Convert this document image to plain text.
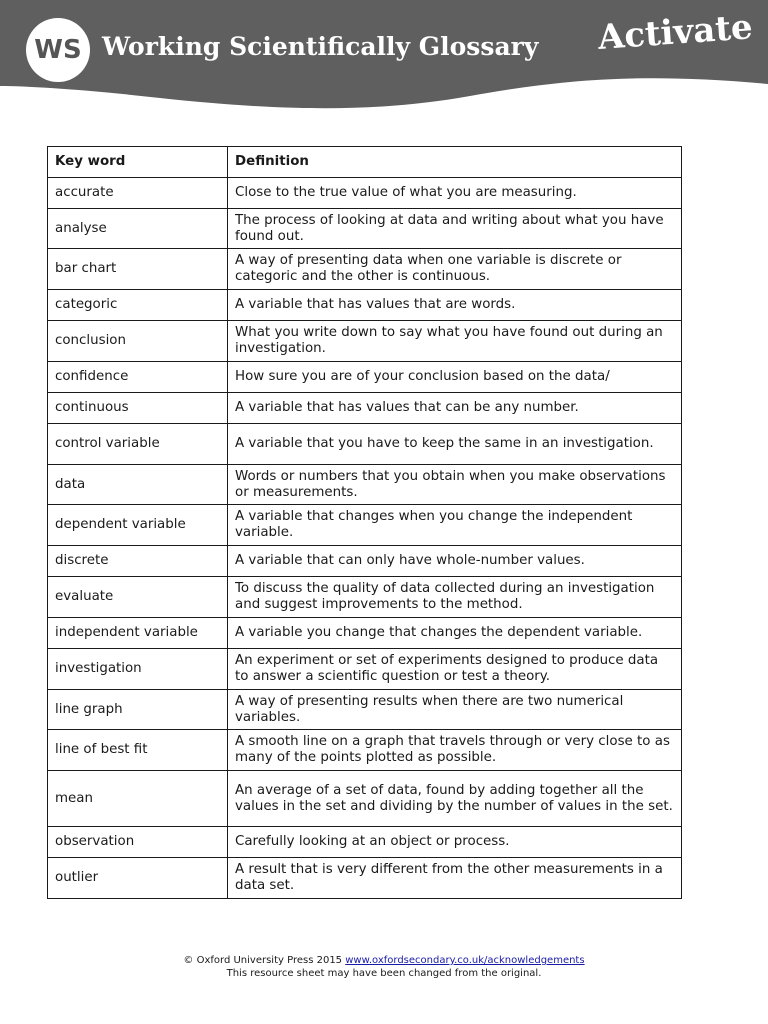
WS Working Scientifically Glossary Activate
Key word	Definition
accurate	Close to the true value of what you are measuring.
analyse	The process of looking at data and writing about what you have found out.
bar chart	A way of presenting data when one variable is discrete or categoric and the other is continuous.
categoric	A variable that has values that are words.
conclusion	What you write down to say what you have found out during an investigation.
confidence	How sure you are of your conclusion based on the data/
continuous	A variable that has values that can be any number.
control variable	A variable that you have to keep the same in an investigation.
data	Words or numbers that you obtain when you make observations or measurements.
dependent variable	A variable that changes when you change the independent variable.
discrete	A variable that can only have whole-number values.
evaluate	To discuss the quality of data collected during an investigation and suggest improvements to the method.
independent variable	A variable you change that changes the dependent variable.
investigation	An experiment or set of experiments designed to produce data to answer a scientific question or test a theory.
line graph	A way of presenting results when there are two numerical variables.
line of best fit	A smooth line on a graph that travels through or very close to as many of the points plotted as possible.
mean	An average of a set of data, found by adding together all the values in the set and dividing by the number of values in the set.
observation	Carefully looking at an object or process.
outlier	A result that is very different from the other measurements in a data set.
© Oxford University Press 2015 www.oxfordsecondary.co.uk/acknowledgements
This resource sheet may have been changed from the original.
